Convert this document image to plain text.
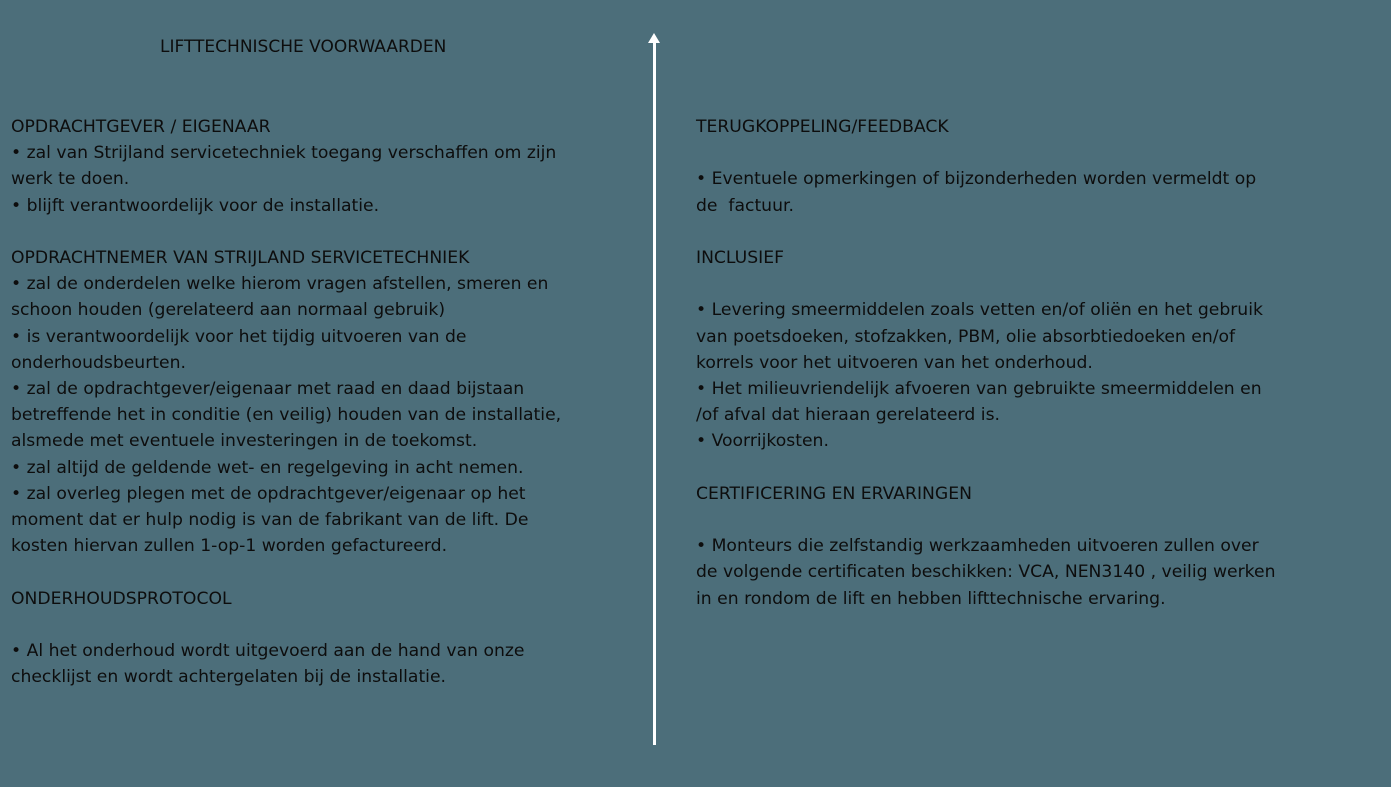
LIFTTECHNISCHE VOORWAARDEN

OPDRACHTGEVER / EIGENAAR

• zal van Strijland servicetechniek toegang verschaffen om zijn

werk te doen.

• blijft verantwoordelijk voor de installatie.

OPDRACHTNEMER VAN STRIJLAND SERVICETECHNIEK

• zal de onderdelen welke hierom vragen afstellen, smeren en

schoon houden (gerelateerd aan normaal gebruik)

• is verantwoordelijk voor het tijdig uitvoeren van de

onderhoudsbeurten.

• zal de opdrachtgever/eigenaar met raad en daad bijstaan

betreffende het in conditie (en veilig) houden van de installatie,

alsmede met eventuele investeringen in de toekomst.

• zal altijd de geldende wet- en regelgeving in acht nemen.

• zal overleg plegen met de opdrachtgever/eigenaar op het

moment dat er hulp nodig is van de fabrikant van de lift. De

kosten hiervan zullen 1-op-1 worden gefactureerd.

ONDERHOUDSPROTOCOL

• Al het onderhoud wordt uitgevoerd aan de hand van onze

checklijst en wordt achtergelaten bij de installatie.

TERUGKOPPELING/FEEDBACK

• Eventuele opmerkingen of bijzonderheden worden vermeldt op

de  factuur.

INCLUSIEF

• Levering smeermiddelen zoals vetten en/of oliën en het gebruik

van poetsdoeken, stofzakken, PBM, olie absorbtiedoeken en/of

korrels voor het uitvoeren van het onderhoud.

• Het milieuvriendelijk afvoeren van gebruikte smeermiddelen en

/of afval dat hieraan gerelateerd is.

• Voorrijkosten.

CERTIFICERING EN ERVARINGEN

• Monteurs die zelfstandig werkzaamheden uitvoeren zullen over

de volgende certificaten beschikken: VCA, NEN3140 , veilig werken

in en rondom de lift en hebben lifttechnische ervaring.
